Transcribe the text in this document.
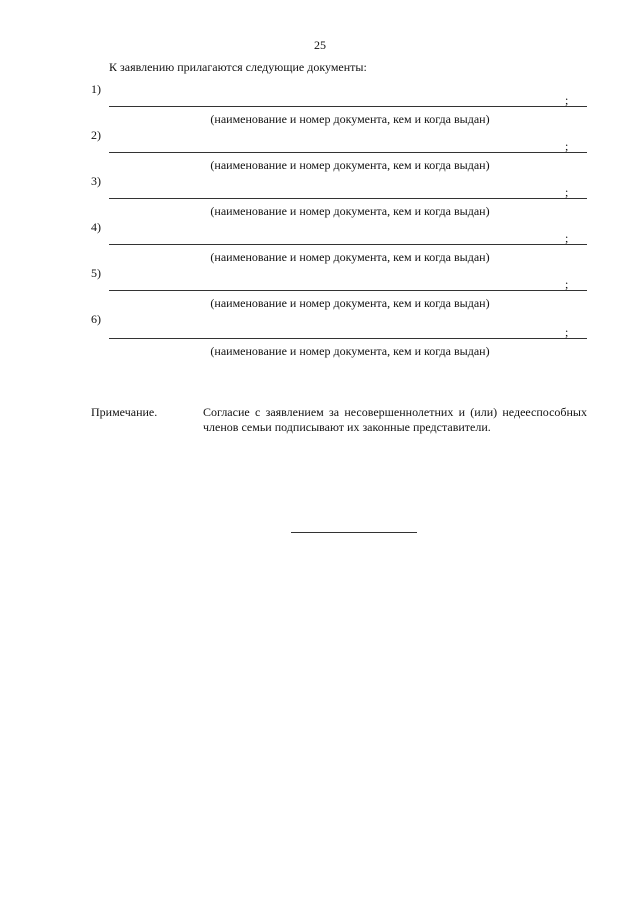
25
К заявлению прилагаются следующие документы:
1)
;
(наименование и номер документа, кем и когда выдан)
2)
;
(наименование и номер документа, кем и когда выдан)
3)
;
(наименование и номер документа, кем и когда выдан)
4)
;
(наименование и номер документа, кем и когда выдан)
5)
;
(наименование и номер документа, кем и когда выдан)
6)
;
(наименование и номер документа, кем и когда выдан)
Примечание.	Согласие с заявлением за несовершеннолетних и (или) недееспособных членов семьи подписывают их законные представители.
